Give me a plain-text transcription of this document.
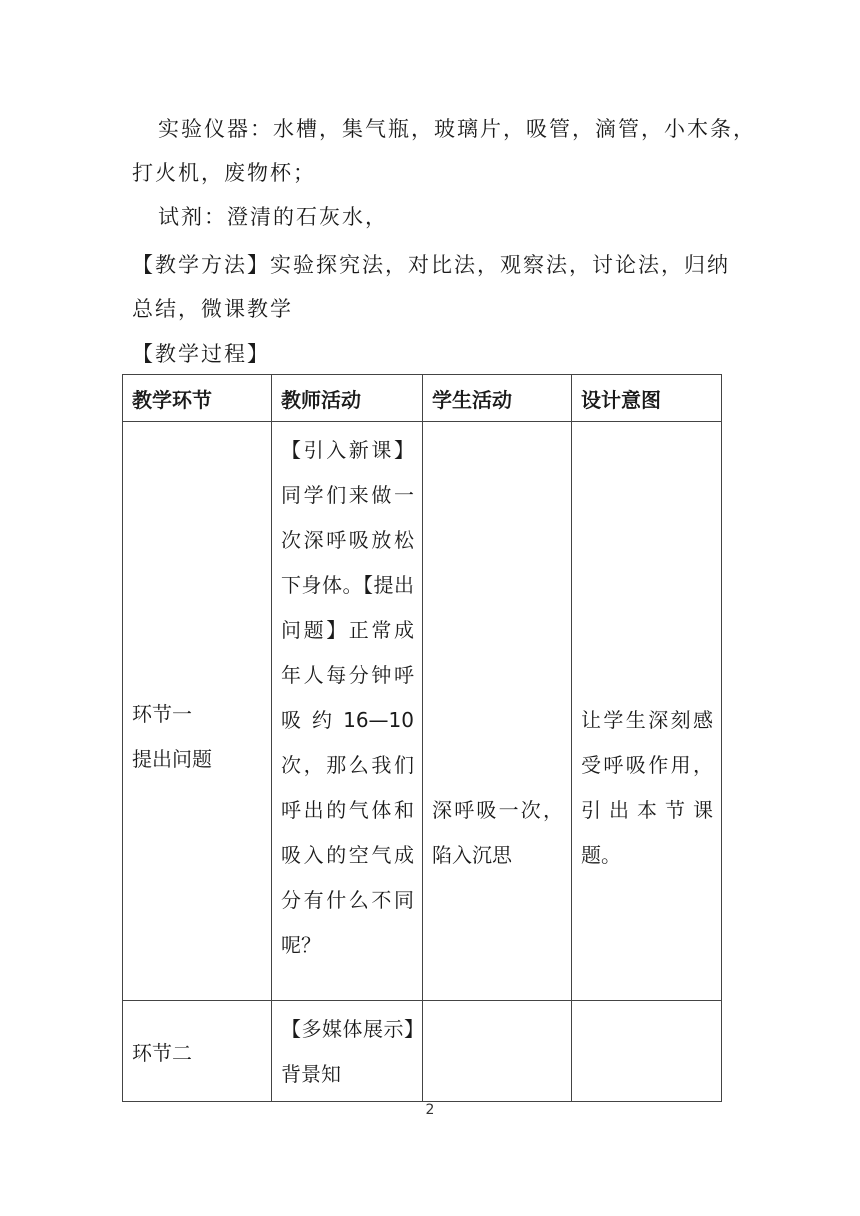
实验仪器：水槽，集气瓶，玻璃片，吸管，滴管，小木条，
打火机，废物杯；
试剂：澄清的石灰水，
【教学方法】实验探究法，对比法，观察法，讨论法，归纳
总结，微课教学
【教学过程】
教学环节	教师活动	学生活动	设计意图

环节一
提出问题	【引入新课】同学们来做一次深呼吸放松下身体。【提出问题】正常成年人每分钟呼吸约16—10次，那么我们呼出的气体和吸入的空气成分有什么不同呢？	深呼吸一次，陷入沉思	让学生深刻感受呼吸作用，引出本节课题。

环节二	【多媒体展示】背景知		

2
